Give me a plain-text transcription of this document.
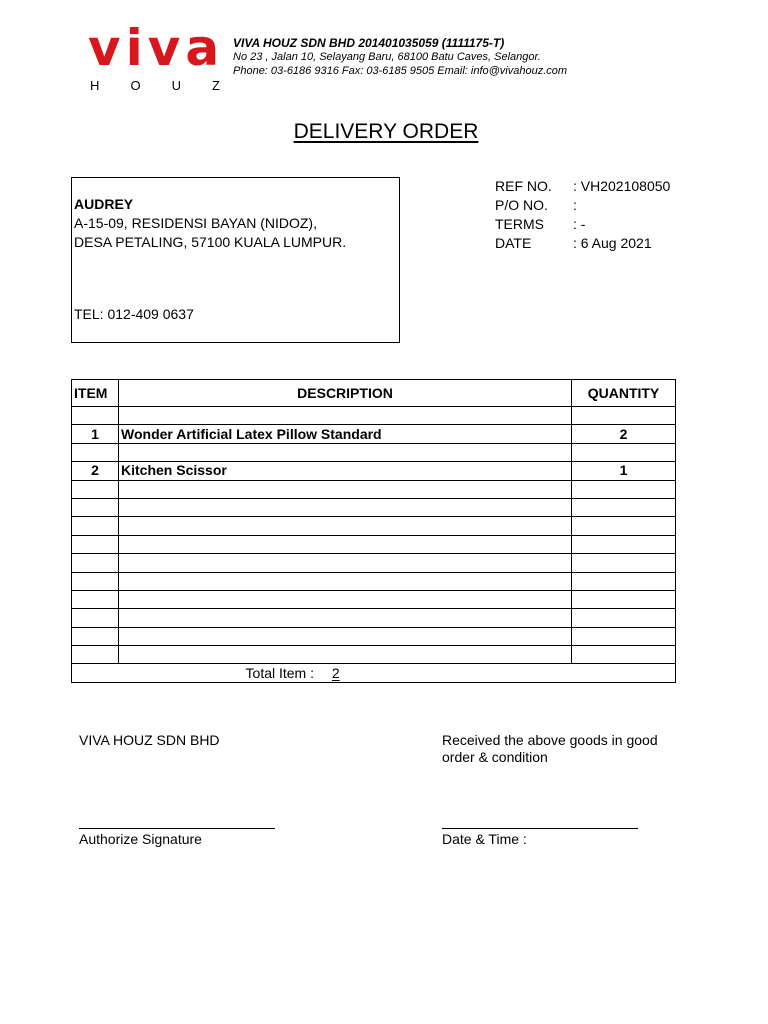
viva
H O U Z
VIVA HOUZ SDN BHD 201401035059 (1111175-T)
No 23 , Jalan 10, Selayang Baru, 68100 Batu Caves, Selangor.
Phone: 03-6186 9316 Fax: 03-6185 9505 Email: info@vivahouz.com
DELIVERY ORDER
AUDREY
A-15-09, RESIDENSI BAYAN (NIDOZ),
DESA PETALING, 57100 KUALA LUMPUR.
TEL: 012-409 0637
REF NO.	: VH202108050
P/O NO.	:
TERMS	: -
DATE	: 6 Aug 2021
ITEM	DESCRIPTION	QUANTITY

1	Wonder Artificial Latex Pillow Standard	2

2	Kitchen Scissor	1

Total Item : 2		
VIVA HOUZ SDN BHD	Received the above goods in good
order & condition
Authorize Signature	Date & Time :
